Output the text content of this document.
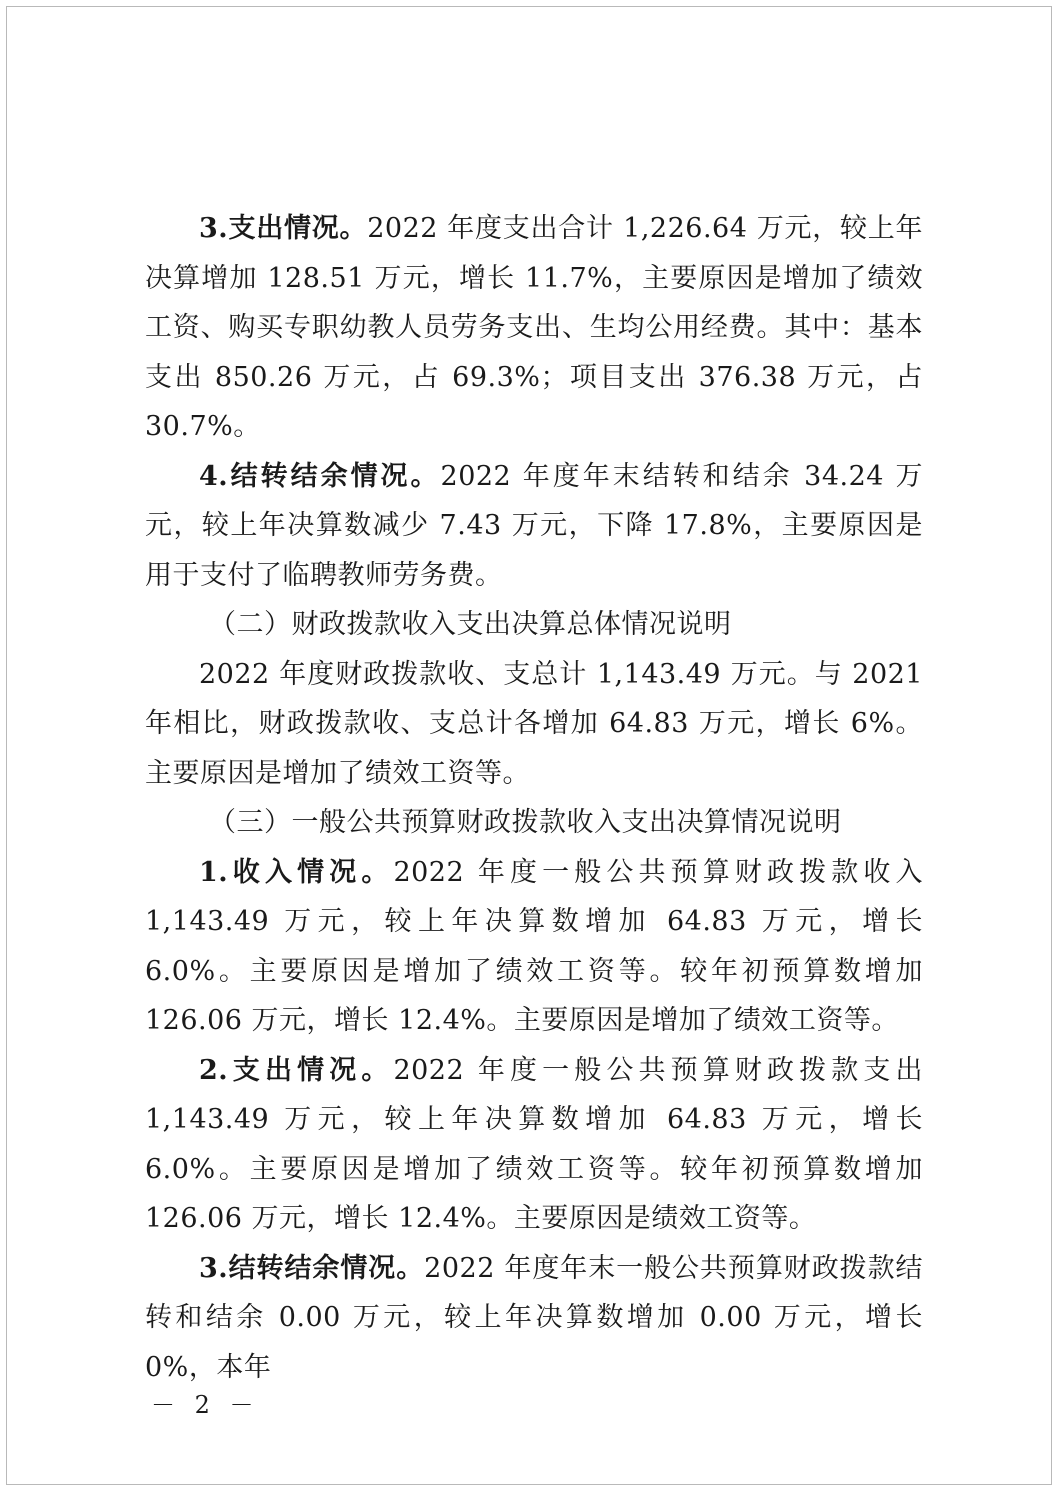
3.支出情况。2022 年度支出合计 1,226.64 万元，较上年决算增加 128.51 万元，增长 11.7%，主要原因是增加了绩效工资、购买专职幼教人员劳务支出、生均公用经费。其中：基本支出 850.26 万元，占 69.3%；项目支出 376.38 万元，占 30.7%。

4.结转结余情况。2022 年度年末结转和结余 34.24 万元，较上年决算数减少 7.43 万元，下降 17.8%，主要原因是用于支付了临聘教师劳务费。

（二）财政拨款收入支出决算总体情况说明

2022 年度财政拨款收、支总计 1,143.49 万元。与 2021 年相比，财政拨款收、支总计各增加 64.83 万元，增长 6%。主要原因是增加了绩效工资等。

（三）一般公共预算财政拨款收入支出决算情况说明

1.收入情况。2022 年度一般公共预算财政拨款收入 1,143.49 万元，较上年决算数增加 64.83 万元，增长 6.0%。主要原因是增加了绩效工资等。较年初预算数增加 126.06 万元，增长 12.4%。主要原因是增加了绩效工资等。

2.支出情况。2022 年度一般公共预算财政拨款支出 1,143.49 万元，较上年决算数增加 64.83 万元，增长 6.0%。主要原因是增加了绩效工资等。较年初预算数增加 126.06 万元，增长 12.4%。主要原因是绩效工资等。

3.结转结余情况。2022 年度年末一般公共预算财政拨款结转和结余 0.00 万元，较上年决算数增加 0.00 万元，增长 0%，本年

－ 2 －
